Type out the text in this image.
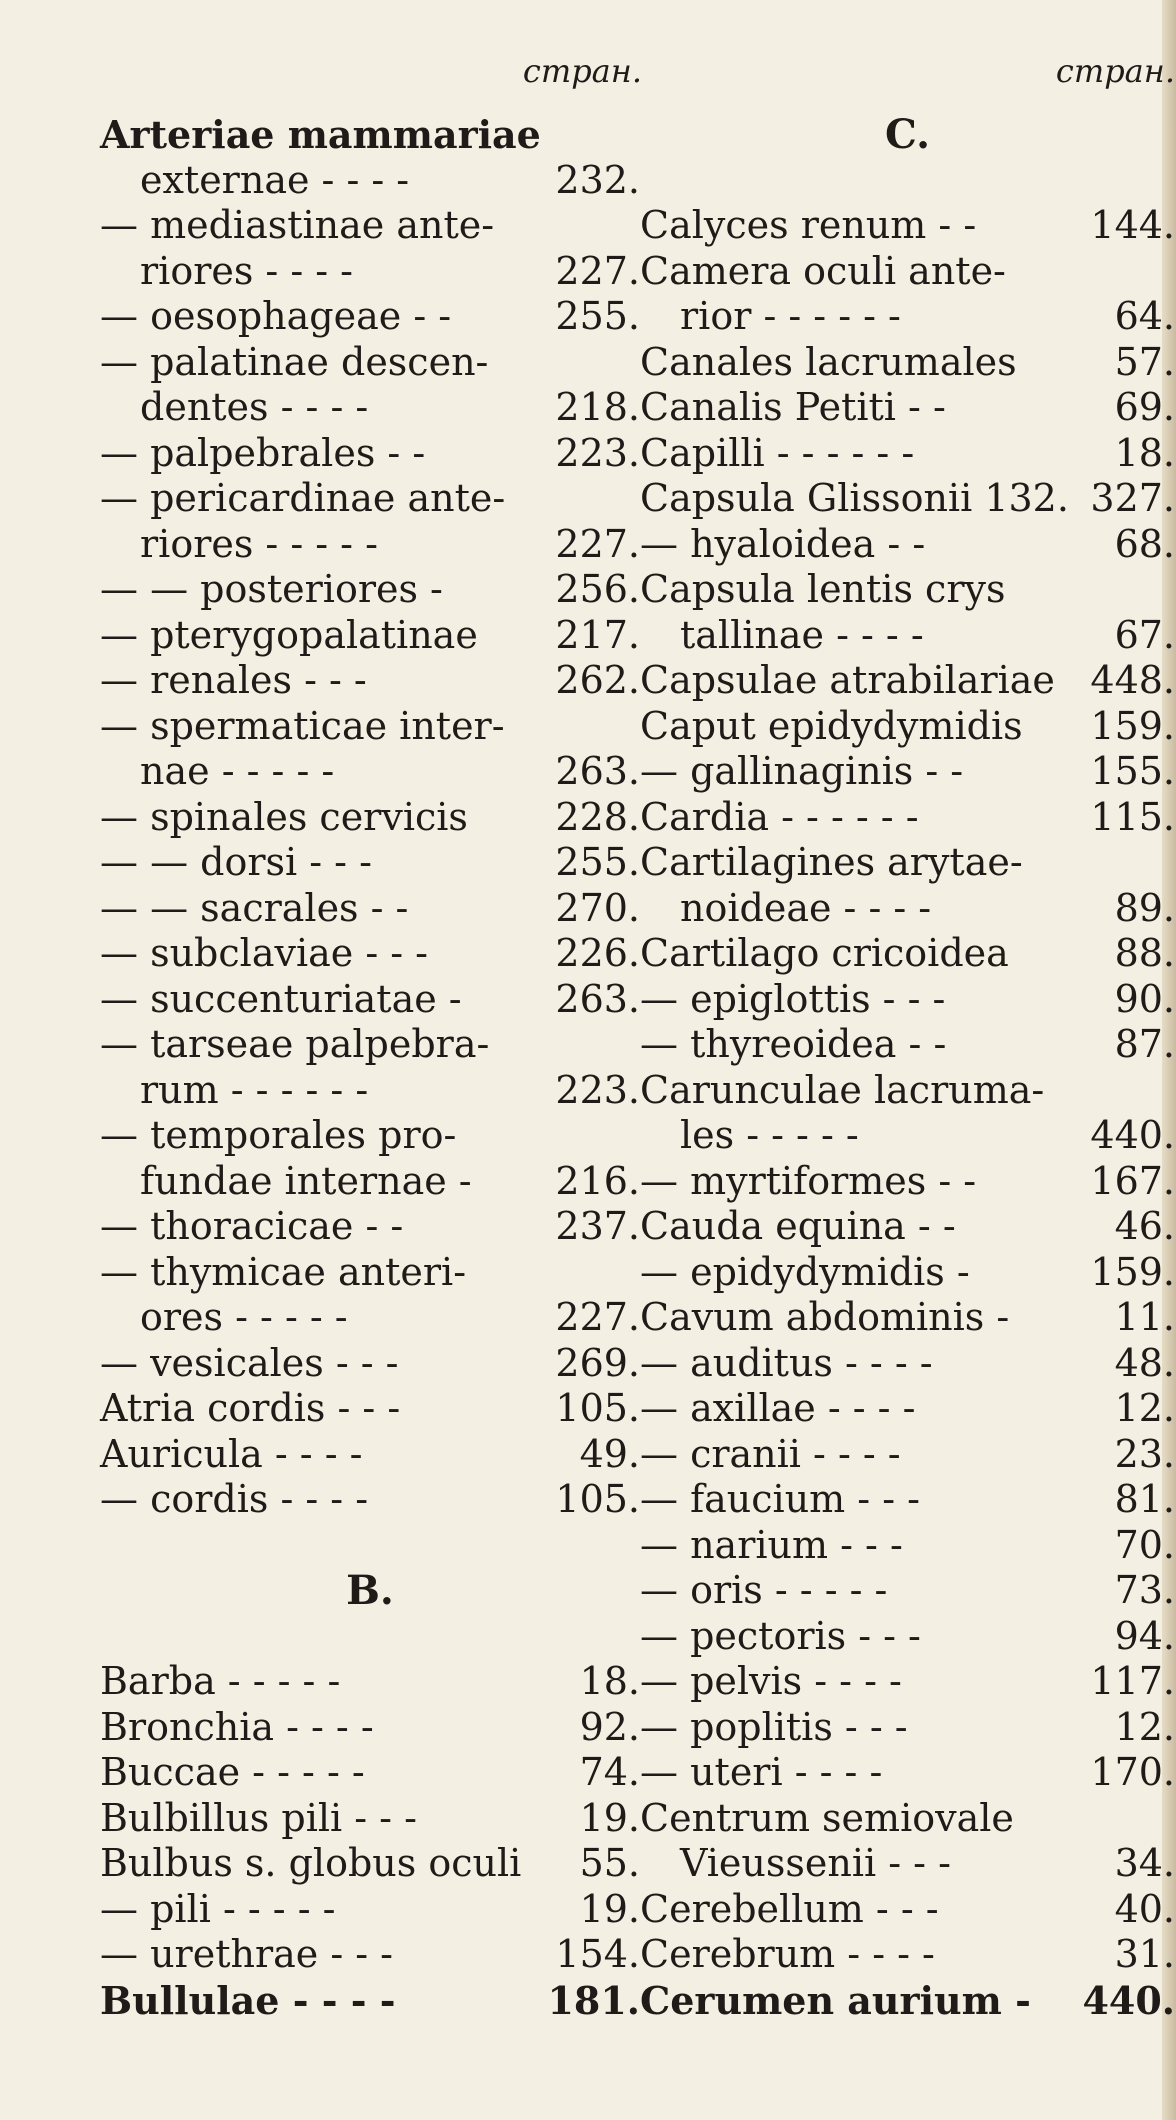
стран.
Arteriae mammariae
externae - - - -	232.
— mediastinae ante-
riores - - - -	227.
— oesophageae - -	255.
— palatinae descen-
dentes - - - -	218.
— palpebrales - -	223.
— pericardinae ante-
riores - - - - -	227.
— — posteriores -	256.
— pterygopalatinae 217.
— renales - - -	262.
— spermaticae inter-
nae - - - - -	263.
— spinales cervicis 228.
— — dorsi - - -	255.
— — sacrales - -	270.
— subclaviae - - -	226.
— succenturiatae - 263.
— tarseae palpebra-
rum - - - - - -	223.
— temporales pro-
fundae internae - 216.
— thoracicae - -	237.
— thymicae anteri-
ores - - - - -	227.
— vesicales - - -	269.
Atria cordis - - -	105.
Auricula - - - -	49.
— cordis - - - -	105.
B.
Barba - - - - -	18.
Bronchia - - - -	92.
Buccae - - - - -	74.
Bulbillus pili - - -	19.
Bulbus s. globus oculi 55.
— pili - - - - -	19.
— urethrae - - -	154.
Bullulae - - - -	181.
стран.
C.
Calyces renum - -	144.
Camera oculi ante-
rior - - - - - -	64.
Canales lacrumales	57.
Canalis Petiti - -	69.
Capilli - - - - - -	18.
Capsula Glissonii 132. 327.
— hyaloidea - -	68.
Capsula lentis crys
tallinae - - - -	67.
Capsulae atrabilariae 448.
Caput epidydymidis 159.
— gallinaginis - -	155.
Cardia - - - - - -	115.
Cartilagines arytae-
noideae - - - -	89.
Cartilago cricoidea	88.
— epiglottis - - -	90.
— thyreoidea - -	87.
Carunculae lacruma-
les - - - - -	440.
— myrtiformes - -	167.
Cauda equina - -	46.
— epidydymidis -	159.
Cavum abdominis -	11.
— auditus - - - -	48.
— axillae - - - -	12.
— cranii - - - -	23.
— faucium - - -	81.
— narium - - -	70.
— oris - - - - -	73.
— pectoris - - -	94.
— pelvis - - - -	117.
— poplitis - - -	12.
— uteri - - - -	170.
Centrum semiovale
Vieussenii - - -	34.
Cerebellum - - -	40.
Cerebrum - - - -	31.
Cerumen aurium - 440.
